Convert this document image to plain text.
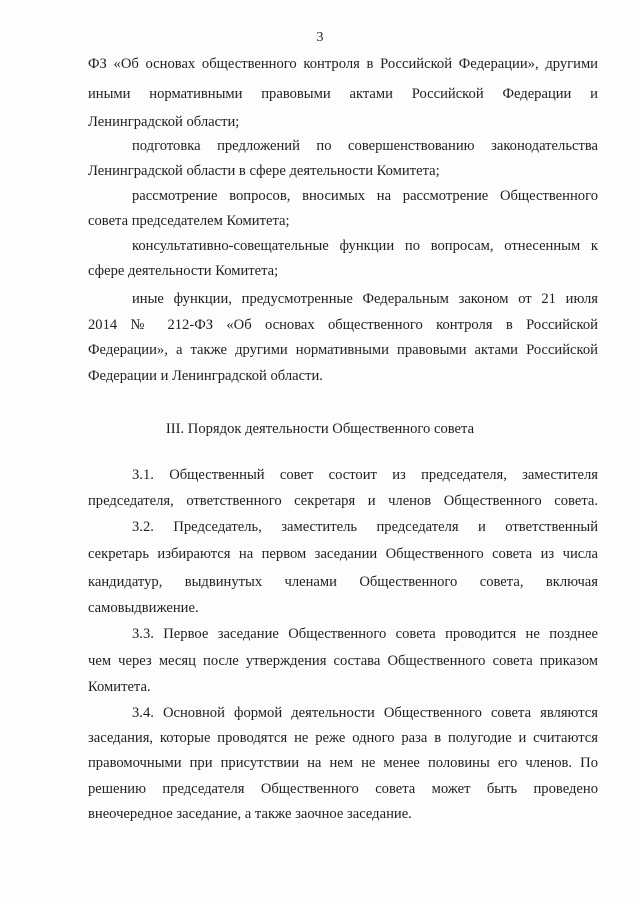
3
ФЗ «Об основах общественного контроля в Российской Федерации», другими
иными нормативными правовыми актами Российской Федерации и
Ленинградской области;
подготовка предложений по совершенствованию законодательства
Ленинградской области в сфере деятельности Комитета;
рассмотрение вопросов, вносимых на рассмотрение Общественного
совета председателем Комитета;
консультативно-совещательные функции по вопросам, отнесенным к
сфере деятельности Комитета;
иные функции, предусмотренные Федеральным законом от 21 июля
2014 № 212-ФЗ «Об основах общественного контроля в Российской
Федерации», а также другими нормативными правовыми актами Российской
Федерации и Ленинградской области.
III. Порядок деятельности Общественного совета
3.1. Общественный совет состоит из председателя, заместителя
председателя, ответственного секретаря и членов Общественного совета.
3.2. Председатель, заместитель председателя и ответственный
секретарь избираются на первом заседании Общественного совета из числа
кандидатур, выдвинутых членами Общественного совета, включая
самовыдвижение.
3.3. Первое заседание Общественного совета проводится не позднее
чем через месяц после утверждения состава Общественного совета приказом
Комитета.
3.4. Основной формой деятельности Общественного совета являются
заседания, которые проводятся не реже одного раза в полугодие и считаются
правомочными при присутствии на нем не менее половины его членов. По
решению председателя Общественного совета может быть проведено
внеочередное заседание, а также заочное заседание.
